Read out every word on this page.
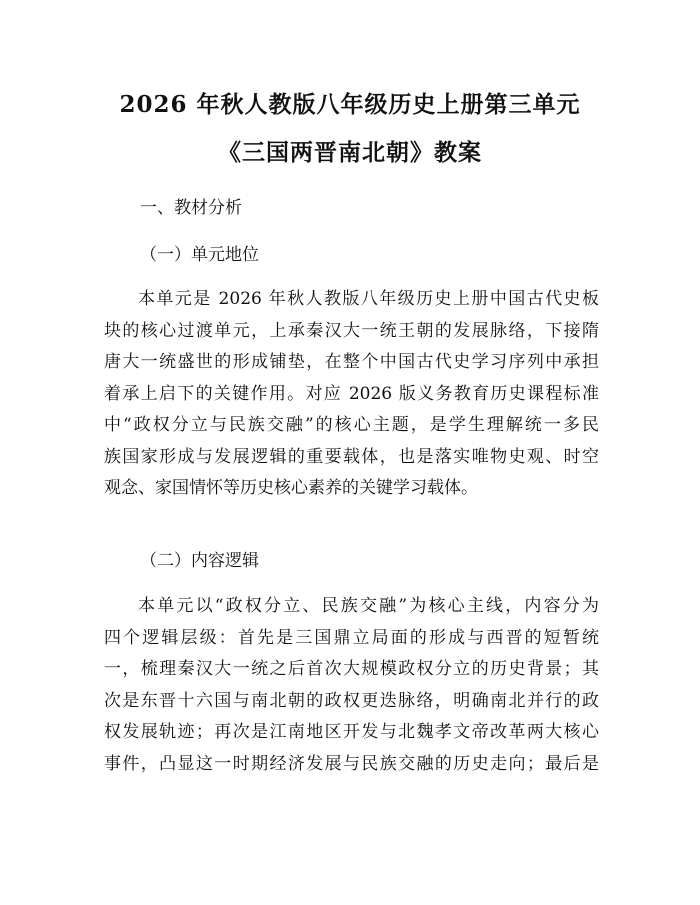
2026 年秋人教版八年级历史上册第三单元
《三国两晋南北朝》教案
一、教材分析
（一）单元地位
本单元是 2026 年秋人教版八年级历史上册中国古代史板
块的核心过渡单元，上承秦汉大一统王朝的发展脉络，下接隋
唐大一统盛世的形成铺垫，在整个中国古代史学习序列中承担
着承上启下的关键作用。对应 2026 版义务教育历史课程标准
中“政权分立与民族交融”的核心主题，是学生理解统一多民
族国家形成与发展逻辑的重要载体，也是落实唯物史观、时空
观念、家国情怀等历史核心素养的关键学习载体。
（二）内容逻辑
本单元以“政权分立、民族交融”为核心主线，内容分为
四个逻辑层级：首先是三国鼎立局面的形成与西晋的短暂统
一，梳理秦汉大一统之后首次大规模政权分立的历史背景；其
次是东晋十六国与南北朝的政权更迭脉络，明确南北并行的政
权发展轨迹；再次是江南地区开发与北魏孝文帝改革两大核心
事件，凸显这一时期经济发展与民族交融的历史走向；最后是
